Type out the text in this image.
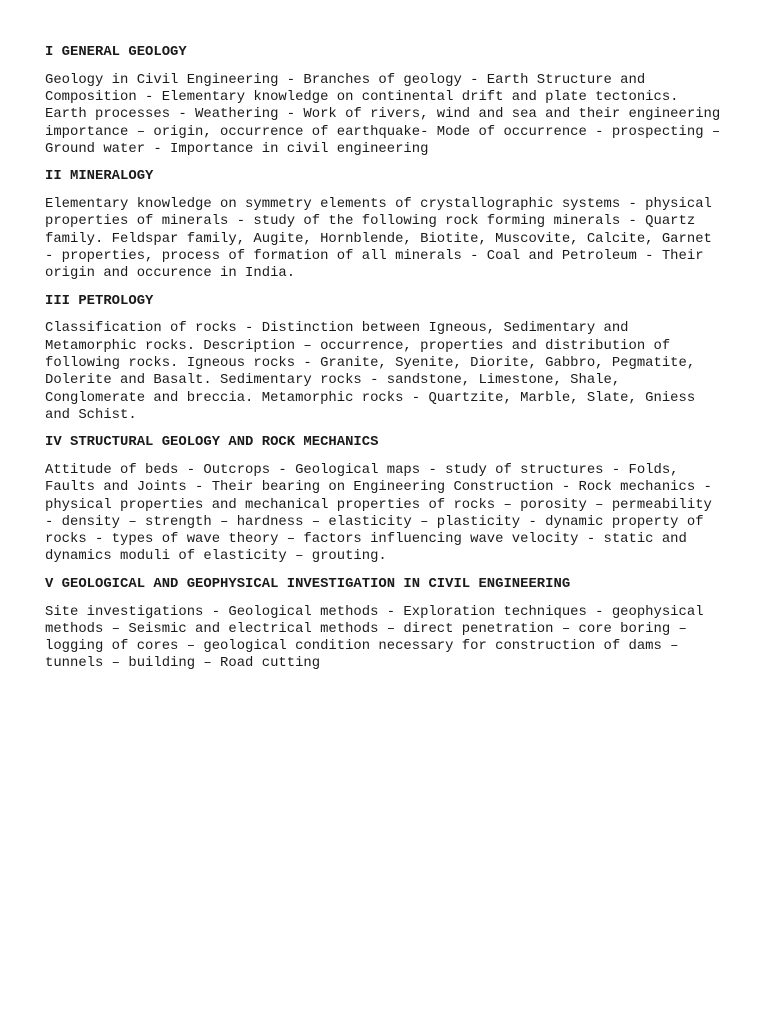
I GENERAL GEOLOGY
Geology in Civil Engineering - Branches of geology - Earth Structure and
Composition - Elementary knowledge on continental drift and plate tectonics.
Earth processes - Weathering - Work of rivers, wind and sea and their engineering
importance – origin, occurrence of earthquake- Mode of occurrence - prospecting –
Ground water - Importance in civil engineering
II MINERALOGY
Elementary knowledge on symmetry elements of crystallographic systems - physical
properties of minerals - study of the following rock forming minerals - Quartz
family. Feldspar family, Augite, Hornblende, Biotite, Muscovite, Calcite, Garnet
- properties, process of formation of all minerals - Coal and Petroleum - Their
origin and occurence in India.
III PETROLOGY
Classification of rocks - Distinction between Igneous, Sedimentary and
Metamorphic rocks. Description – occurrence, properties and distribution of
following rocks. Igneous rocks - Granite, Syenite, Diorite, Gabbro, Pegmatite,
Dolerite and Basalt. Sedimentary rocks - sandstone, Limestone, Shale,
Conglomerate and breccia. Metamorphic rocks - Quartzite, Marble, Slate, Gniess
and Schist.
IV STRUCTURAL GEOLOGY AND ROCK MECHANICS
Attitude of beds - Outcrops - Geological maps - study of structures - Folds,
Faults and Joints - Their bearing on Engineering Construction - Rock mechanics -
physical properties and mechanical properties of rocks – porosity – permeability
- density – strength – hardness – elasticity – plasticity - dynamic property of
rocks - types of wave theory – factors influencing wave velocity - static and
dynamics moduli of elasticity – grouting.
V GEOLOGICAL AND GEOPHYSICAL INVESTIGATION IN CIVIL ENGINEERING
Site investigations - Geological methods - Exploration techniques - geophysical
methods – Seismic and electrical methods – direct penetration – core boring –
logging of cores – geological condition necessary for construction of dams –
tunnels – building – Road cutting
